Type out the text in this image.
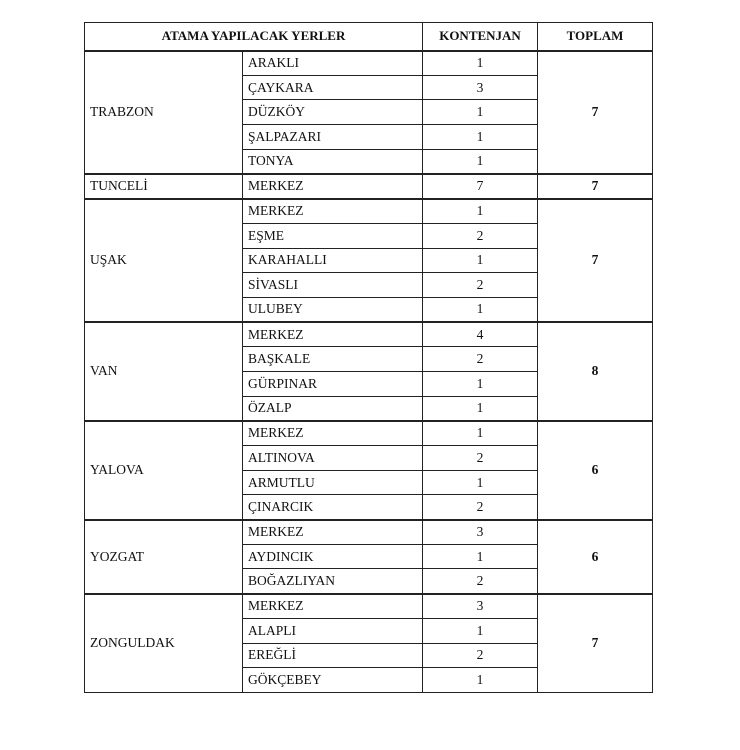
ATAMA YAPILACAK YERLER		KONTENJAN	TOPLAM
TRABZON	ARAKLI	1	7
	ÇAYKARA	3	
	DÜZKÖY	1	
	ŞALPAZARI	1	
	TONYA	1	
TUNCELİ	MERKEZ	7	7
UŞAK	MERKEZ	1	7
	EŞME	2	
	KARAHALLI	1	
	SİVASLI	2	
	ULUBEY	1	
VAN	MERKEZ	4	8
	BAŞKALE	2	
	GÜRPINAR	1	
	ÖZALP	1	
YALOVA	MERKEZ	1	6
	ALTINOVA	2	
	ARMUTLU	1	
	ÇINARCIK	2	
YOZGAT	MERKEZ	3	6
	AYDINCIK	1	
	BOĞAZLIYAN	2	
ZONGULDAK	MERKEZ	3	7
	ALAPLI	1	
	EREĞLİ	2	
	GÖKÇEBEY	1	
